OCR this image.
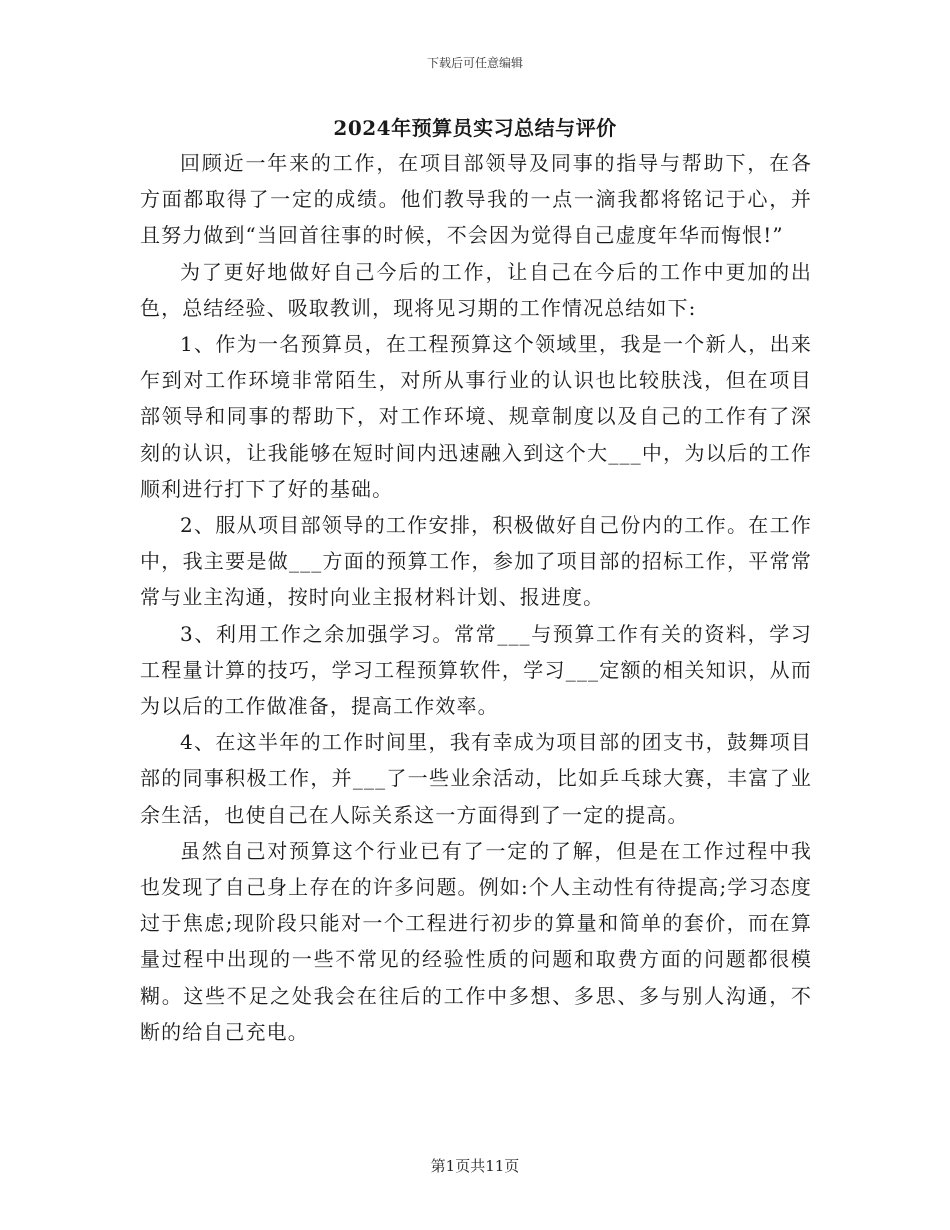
下载后可任意编辑
2024年预算员实习总结与评价

回顾近一年来的工作，在项目部领导及同事的指导与帮助下，在各方面都取得了一定的成绩。他们教导我的一点一滴我都将铭记于心，并且努力做到“当回首往事的时候，不会因为觉得自己虚度年华而悔恨!”

为了更好地做好自己今后的工作，让自己在今后的工作中更加的出色，总结经验、吸取教训，现将见习期的工作情况总结如下:

1、作为一名预算员，在工程预算这个领域里，我是一个新人，出来乍到对工作环境非常陌生，对所从事行业的认识也比较肤浅，但在项目部领导和同事的帮助下，对工作环境、规章制度以及自己的工作有了深刻的认识，让我能够在短时间内迅速融入到这个大___中，为以后的工作顺利进行打下了好的基础。

2、服从项目部领导的工作安排，积极做好自己份内的工作。在工作中，我主要是做___方面的预算工作，参加了项目部的招标工作，平常常常与业主沟通，按时向业主报材料计划、报进度。

3、利用工作之余加强学习。常常___与预算工作有关的资料，学习工程量计算的技巧，学习工程预算软件，学习___定额的相关知识，从而为以后的工作做准备，提高工作效率。

4、在这半年的工作时间里，我有幸成为项目部的团支书，鼓舞项目部的同事积极工作，并___了一些业余活动，比如乒乓球大赛，丰富了业余生活，也使自己在人际关系这一方面得到了一定的提高。

虽然自己对预算这个行业已有了一定的了解，但是在工作过程中我也发现了自己身上存在的许多问题。例如:个人主动性有待提高;学习态度过于焦虑;现阶段只能对一个工程进行初步的算量和简单的套价，而在算量过程中出现的一些不常见的经验性质的问题和取费方面的问题都很模糊。这些不足之处我会在往后的工作中多想、多思、多与别人沟通，不断的给自己充电。

第1页共11页
